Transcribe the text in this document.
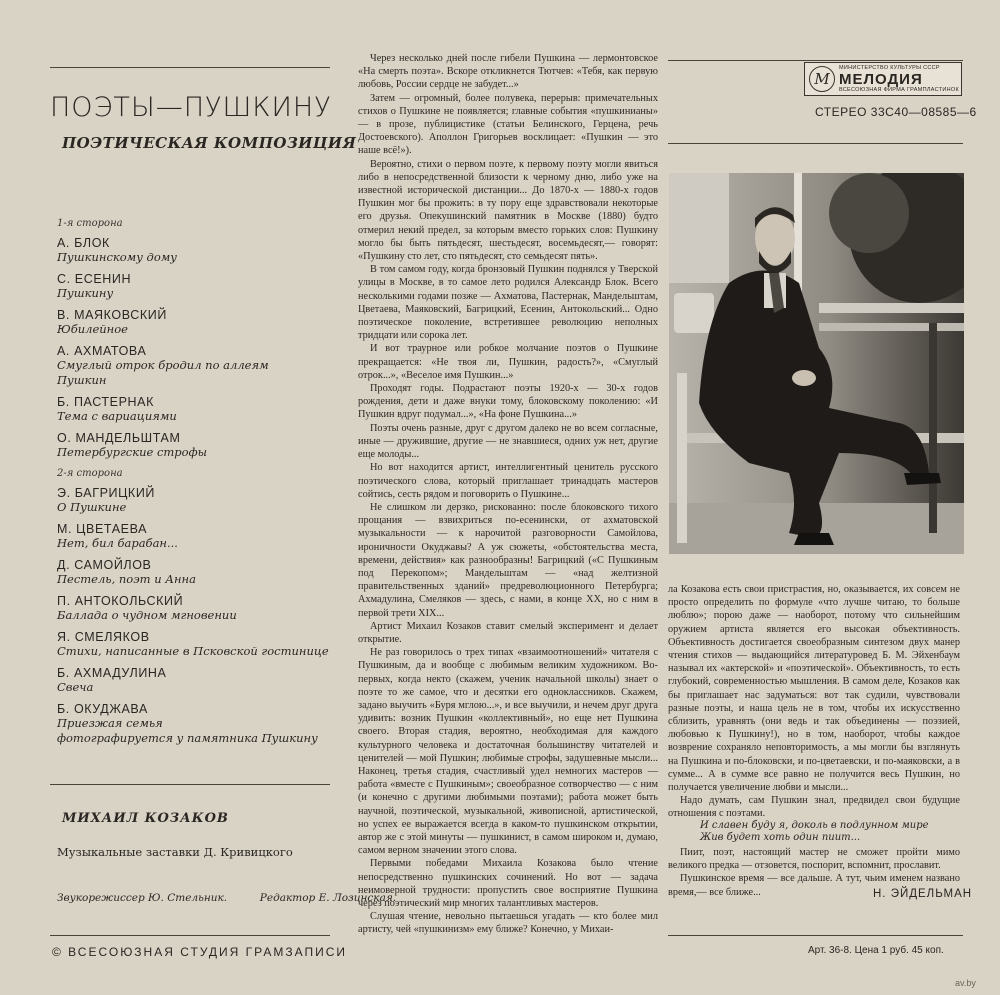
ПОЭТЫ—ПУШКИНУ
ПОЭТИЧЕСКАЯ КОМПОЗИЦИЯ
1-я сторона
А. БЛОК
Пушкинскому дому
С. ЕСЕНИН
Пушкину
В. МАЯКОВСКИЙ
Юбилейное
А. АХМАТОВА
Смуглый отрок бродил по аллеям
Пушкин
Б. ПАСТЕРНАК
Тема с вариациями
О. МАНДЕЛЬШТАМ
Петербургские строфы
2-я сторона
Э. БАГРИЦКИЙ
О Пушкине
М. ЦВЕТАЕВА
Нет, бил барабан...
Д. САМОЙЛОВ
Пестель, поэт и Анна
П. АНТОКОЛЬСКИЙ
Баллада о чудном мгновении
Я. СМЕЛЯКОВ
Стихи, написанные в Псковской гостинице
Б. АХМАДУЛИНА
Свеча
Б. ОКУДЖАВА
Приезжая семья
фотографируется у памятника Пушкину
МИХАИЛ КОЗАКОВ
Музыкальные заставки Д. Кривицкого
Звукорежиссер Ю. Стельник.	Редактор Е. Лозинская.
© ВСЕСОЮЗНАЯ СТУДИЯ ГРАМЗАПИСИ

Через несколько дней после гибели Пушкина — лермонтовское «На смерть поэта». Вскоре откликнется Тютчев: «Тебя, как первую любовь, России сердце не забудет...»

Затем — огромный, более полувека, перерыв: примечательных стихов о Пушкине не появляется; главные события «пушкинианы» — в прозе, публицистике (статьи Белинского, Герцена, речь Достоевского). Аполлон Григорьев восклицает: «Пушкин — это наше всё!»).

Вероятно, стихи о первом поэте, к первому поэту могли явиться либо в непосредственной близости к черному дню, либо уже на известной исторической дистанции... До 1870-х — 1880-х годов Пушкин мог бы прожить: в ту пору еще здравствовали некоторые его друзья. Опекушинский памятник в Москве (1880) будто отмерил некий предел, за которым вместо горьких слов: Пушкину могло бы быть пятьдесят, шестьдесят, восемьдесят,— говорят: «Пушкину сто лет, сто пятьдесят, сто семьдесят пять».

В том самом году, когда бронзовый Пушкин поднялся у Тверской улицы в Москве, в то самое лето родился Александр Блок. Всего несколькими годами позже — Ахматова, Пастернак, Мандельштам, Цветаева, Маяковский, Багрицкий, Есенин, Антокольский... Одно поэтическое поколение, встретившее революцию неполных тридцати или сорока лет.

И вот траурное или робкое молчание поэтов о Пушкине прекращается: «Не твоя ли, Пушкин, радость?», «Смуглый отрок...», «Веселое имя Пушкин...»

Проходят годы. Подрастают поэты 1920-х — 30-х годов рождения, дети и даже внуки тому, блоковскому поколению: «И Пушкин вдруг подумал...», «На фоне Пушкина...»

Поэты очень разные, друг с другом далеко не во всем согласные, иные — дружившие, другие — не знавшиеся, одних уж нет, другие еще молоды...

Но вот находится артист, интеллигентный ценитель русского поэтического слова, который приглашает тринадцать мастеров сойтись, сесть рядом и поговорить о Пушкине...

Не слишком ли дерзко, рискованно: после блоковского тихого прощания — взвихриться по-есенински, от ахматовской музыкальности — к нарочитой разговорности Самойлова, ироничности Окуджавы? А уж сюжеты, «обстоятельства места, времени, действия» как разнообразны! Багрицкий («С Пушкиным под Перекопом»; Мандельштам — «над желтизной правительственных зданий» предреволюционного Петербурга; Ахмадулина, Смеляков — здесь, с нами, в конце XX, но с ним в первой трети XIX...

Артист Михаил Козаков ставит смелый эксперимент и делает открытие.

Не раз говорилось о трех типах «взаимоотношений» читателя с Пушкиным, да и вообще с любимым великим художником. Во-первых, когда некто (скажем, ученик начальной школы) знает о поэте то же самое, что и десятки его одноклассников. Скажем, задано выучить «Буря мглою...», и все выучили, и нечем друг друга удивить: возник Пушкин «коллективный», но еще нет Пушкина своего. Вторая стадия, вероятно, необходимая для каждого культурного человека и достаточная большинству читателей и ценителей — мой Пушкин; любимые строфы, задушевные мысли... Наконец, третья стадия, счастливый удел немногих мастеров — работа «вместе с Пушкиным»; своеобразное сотворчество — с ним (и конечно с другими любимыми поэтами); работа может быть научной, поэтической, музыкальной, живописной, артистической, но успех ее выражается всегда в каком-то пушкинском открытии, автор же с этой минуты — пушкинист, в самом широком и, думаю, самом верном значении этого слова.

Первыми победами Михаила Козакова было чтение непосредственно пушкинских сочинений. Но вот — задача неимоверной трудности: пропустить свое восприятие Пушкина через поэтический мир многих талантливых мастеров.

Слушая чтение, невольно пытаешься угадать — кто более мил артисту, чей «пушкинизм» ему ближе? Конечно, у Михаи-

М
МИНИСТЕРСТВО КУЛЬТУРЫ СССР
МЕЛОДИЯ
ВСЕСОЮЗНАЯ ФИРМА ГРАМПЛАСТИНОК
СТЕРЕО 33С40—08585—6

ла Козакова есть свои пристрастия, но, оказывается, их совсем не просто определить по формуле «что лучше читаю, то больше люблю»; порою даже — наоборот, потому что сильнейшим оружием артиста является его высокая объективность. Объективность достигается своеобразным синтезом двух манер чтения стихов — выдающийся литературовед Б. М. Эйхенбаум называл их «актерской» и «поэтической». Объективность, то есть глубокий, современностью мышления. В самом деле, Козаков как бы приглашает нас задуматься: вот так судили, чувствовали разные поэты, и наша цель не в том, чтобы их искусственно сблизить, уравнять (они ведь и так объединены — поэзией, любовью к Пушкину!), но в том, наоборот, чтобы каждое возврение сохраняло неповторимость, а мы могли бы взглянуть на Пушкина и по-блоковски, и по-цветаевски, и по-маяковски, а в сумме... А в сумме все равно не получится весь Пушкин, но получается увеличение любви и мысли...

Надо думать, сам Пушкин знал, предвидел свои будущие отношения с поэтами.

И славен буду я, доколь в подлунном мире
Жив будет хоть один пиит...

Пиит, поэт, настоящий мастер не сможет пройти мимо великого предка — отзовется, поспорит, вспомнит, прославит.

Пушкинское время — все дальше. А тут, чьим именем названо время,— все ближе...	Н. ЭЙДЕЛЬМАН
Арт. 36-8. Цена 1 руб. 45 коп.
av.by
